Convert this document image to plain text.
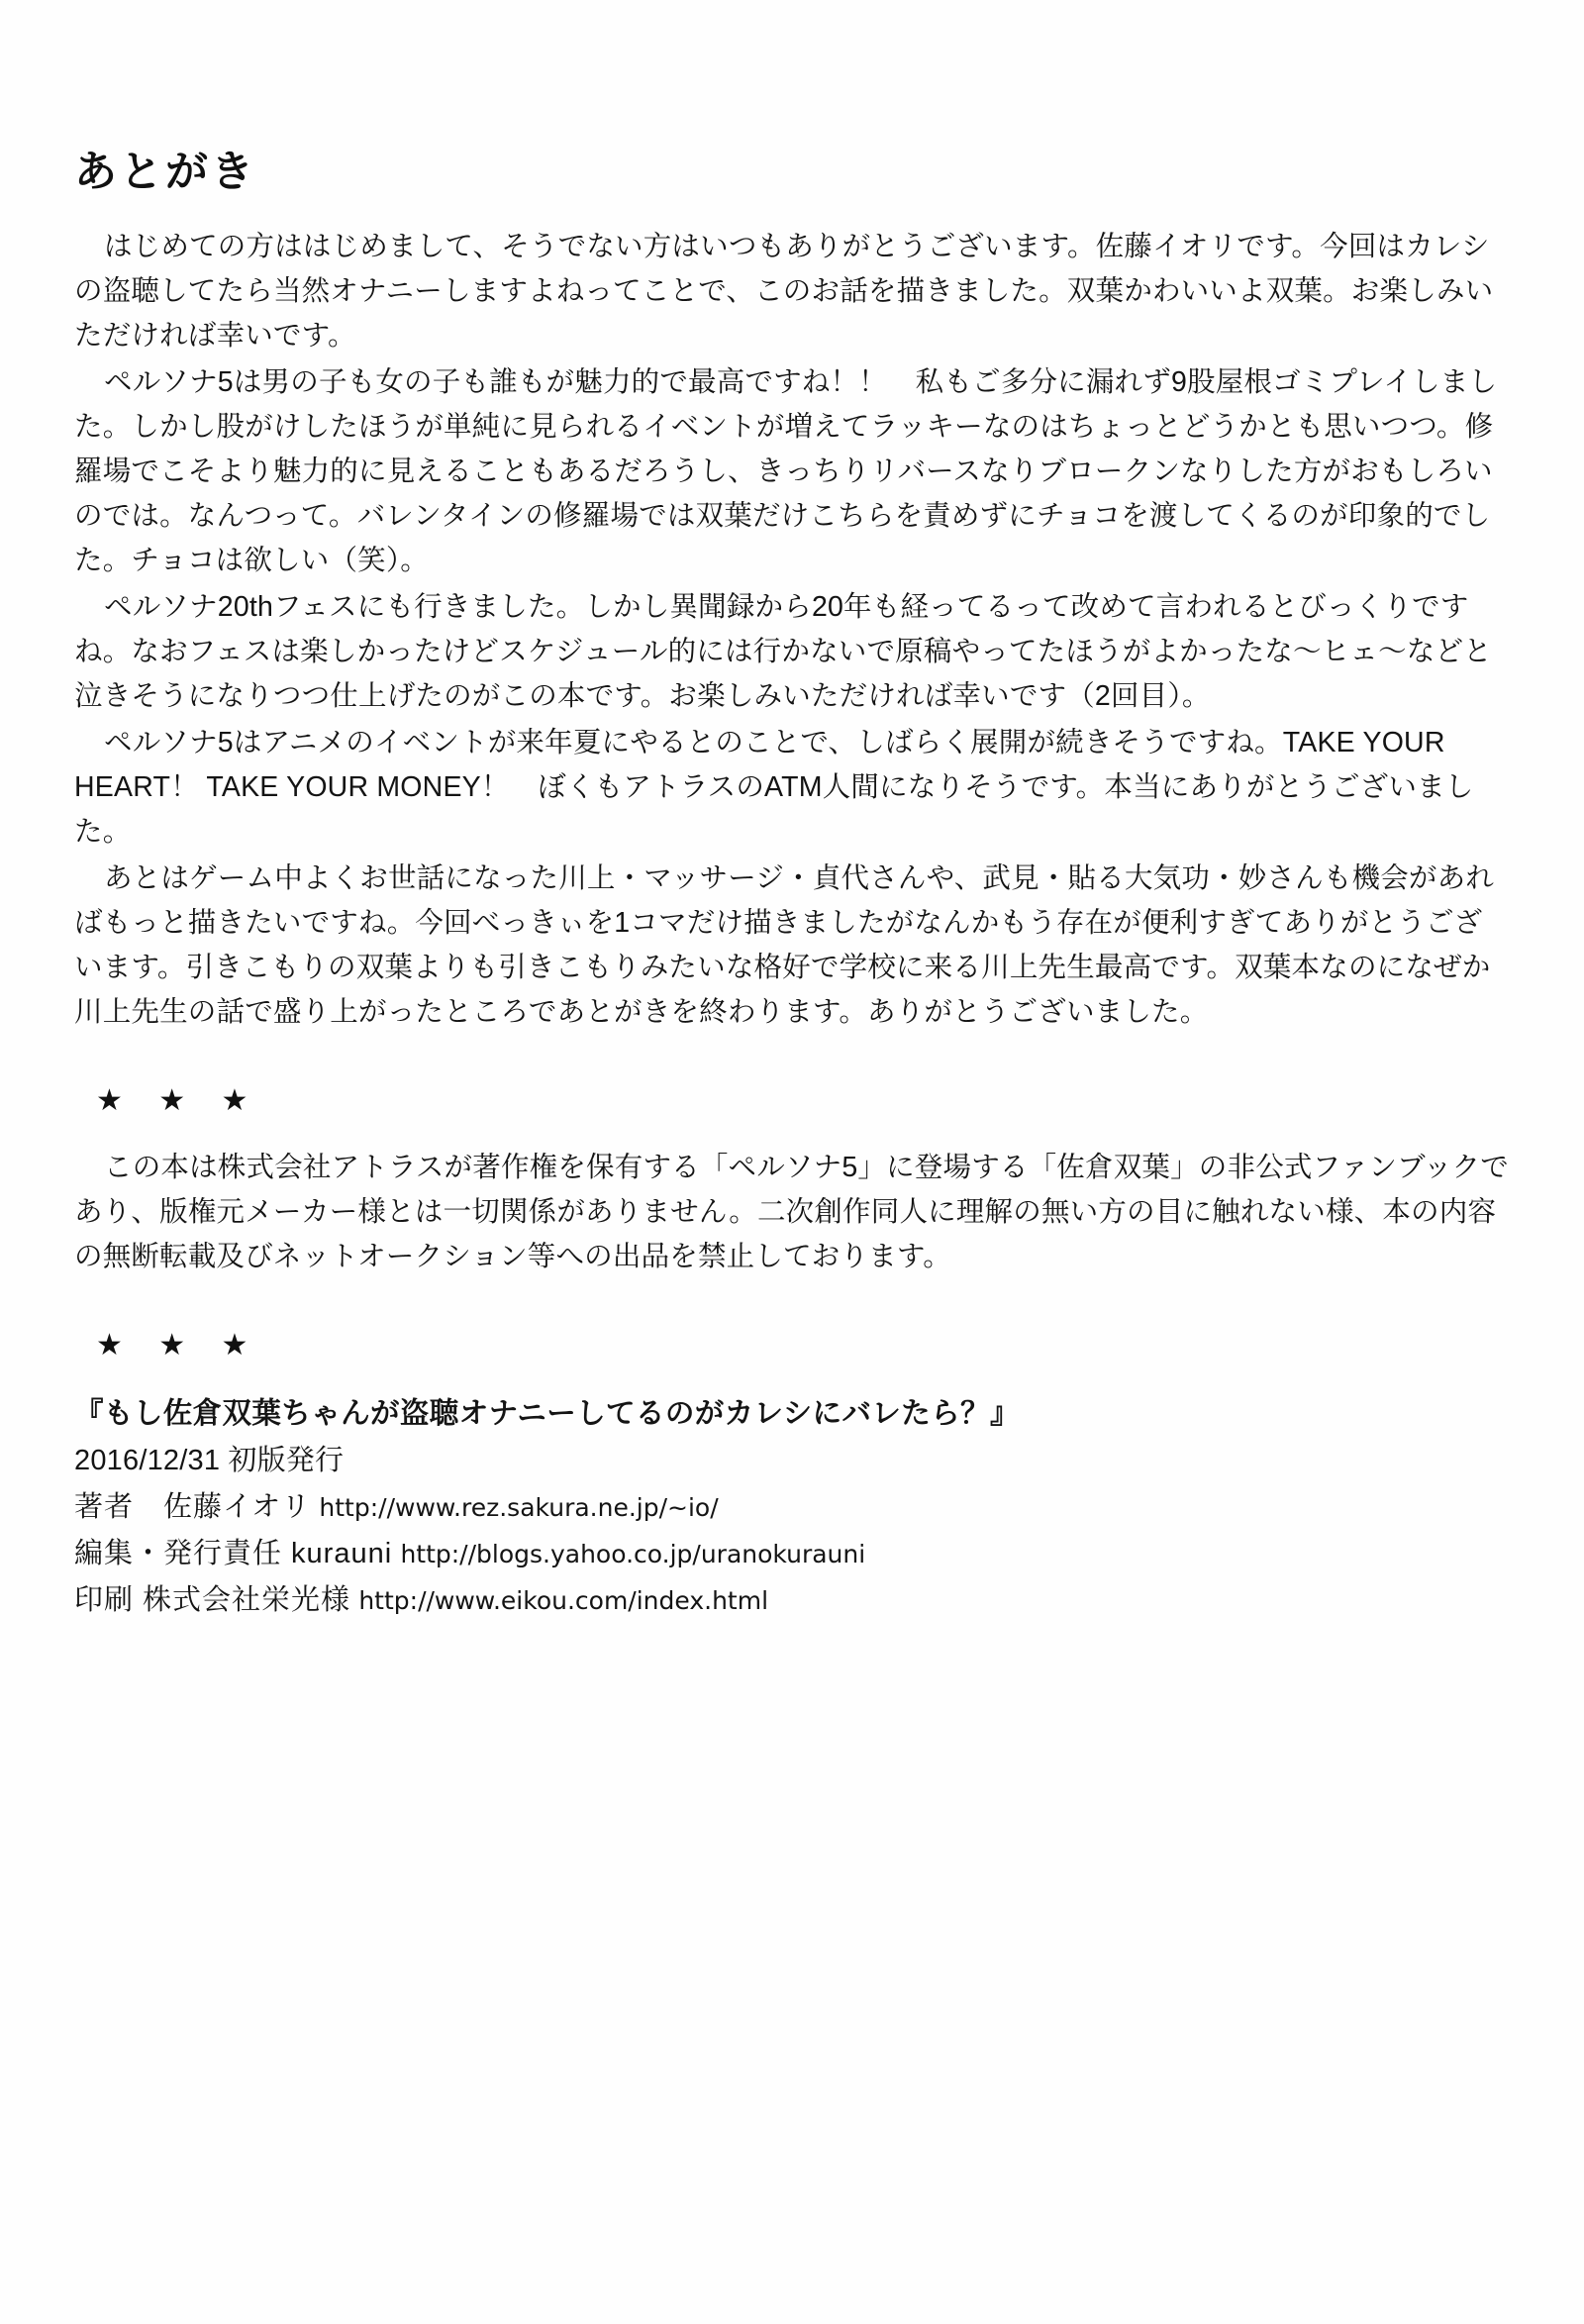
あとがき

はじめての方ははじめまして、そうでない方はいつもありがとうございます。佐藤イオリです。今回はカレシの盗聴してたら当然オナニーしますよねってことで、このお話を描きました。双葉かわいいよ双葉。お楽しみいただければ幸いです。

ペルソナ5は男の子も女の子も誰もが魅力的で最高ですね！！　私もご多分に漏れず9股屋根ゴミプレイしました。しかし股がけしたほうが単純に見られるイベントが増えてラッキーなのはちょっとどうかとも思いつつ。修羅場でこそより魅力的に見えることもあるだろうし、きっちりリバースなりブロークンなりした方がおもしろいのでは。なんつって。バレンタインの修羅場では双葉だけこちらを責めずにチョコを渡してくるのが印象的でした。チョコは欲しい（笑）。

ペルソナ20thフェスにも行きました。しかし異聞録から20年も経ってるって改めて言われるとびっくりですね。なおフェスは楽しかったけどスケジュール的には行かないで原稿やってたほうがよかったな〜ヒェ〜などと泣きそうになりつつ仕上げたのがこの本です。お楽しみいただければ幸いです（2回目）。

ペルソナ5はアニメのイベントが来年夏にやるとのことで、しばらく展開が続きそうですね。TAKE YOUR HEART！ TAKE YOUR MONEY！　ぼくもアトラスのATM人間になりそうです。本当にありがとうございました。

あとはゲーム中よくお世話になった川上・マッサージ・貞代さんや、武見・貼る大気功・妙さんも機会があればもっと描きたいですね。今回べっきぃを1コマだけ描きましたがなんかもう存在が便利すぎてありがとうございます。引きこもりの双葉よりも引きこもりみたいな格好で学校に来る川上先生最高です。双葉本なのになぜか川上先生の話で盛り上がったところであとがきを終わります。ありがとうございました。

★ ★ ★

この本は株式会社アトラスが著作権を保有する「ペルソナ5」に登場する「佐倉双葉」の非公式ファンブックであり、版権元メーカー様とは一切関係がありません。二次創作同人に理解の無い方の目に触れない様、本の内容の無断転載及びネットオークション等への出品を禁止しております。

★ ★ ★
『もし佐倉双葉ちゃんが盗聴オナニーしてるのがカレシにバレたら？』
2016/12/31 初版発行
著者　佐藤イオリ http://www.rez.sakura.ne.jp/~io/
編集・発行責任 kurauni http://blogs.yahoo.co.jp/uranokurauni
印刷 株式会社栄光様 http://www.eikou.com/index.html
